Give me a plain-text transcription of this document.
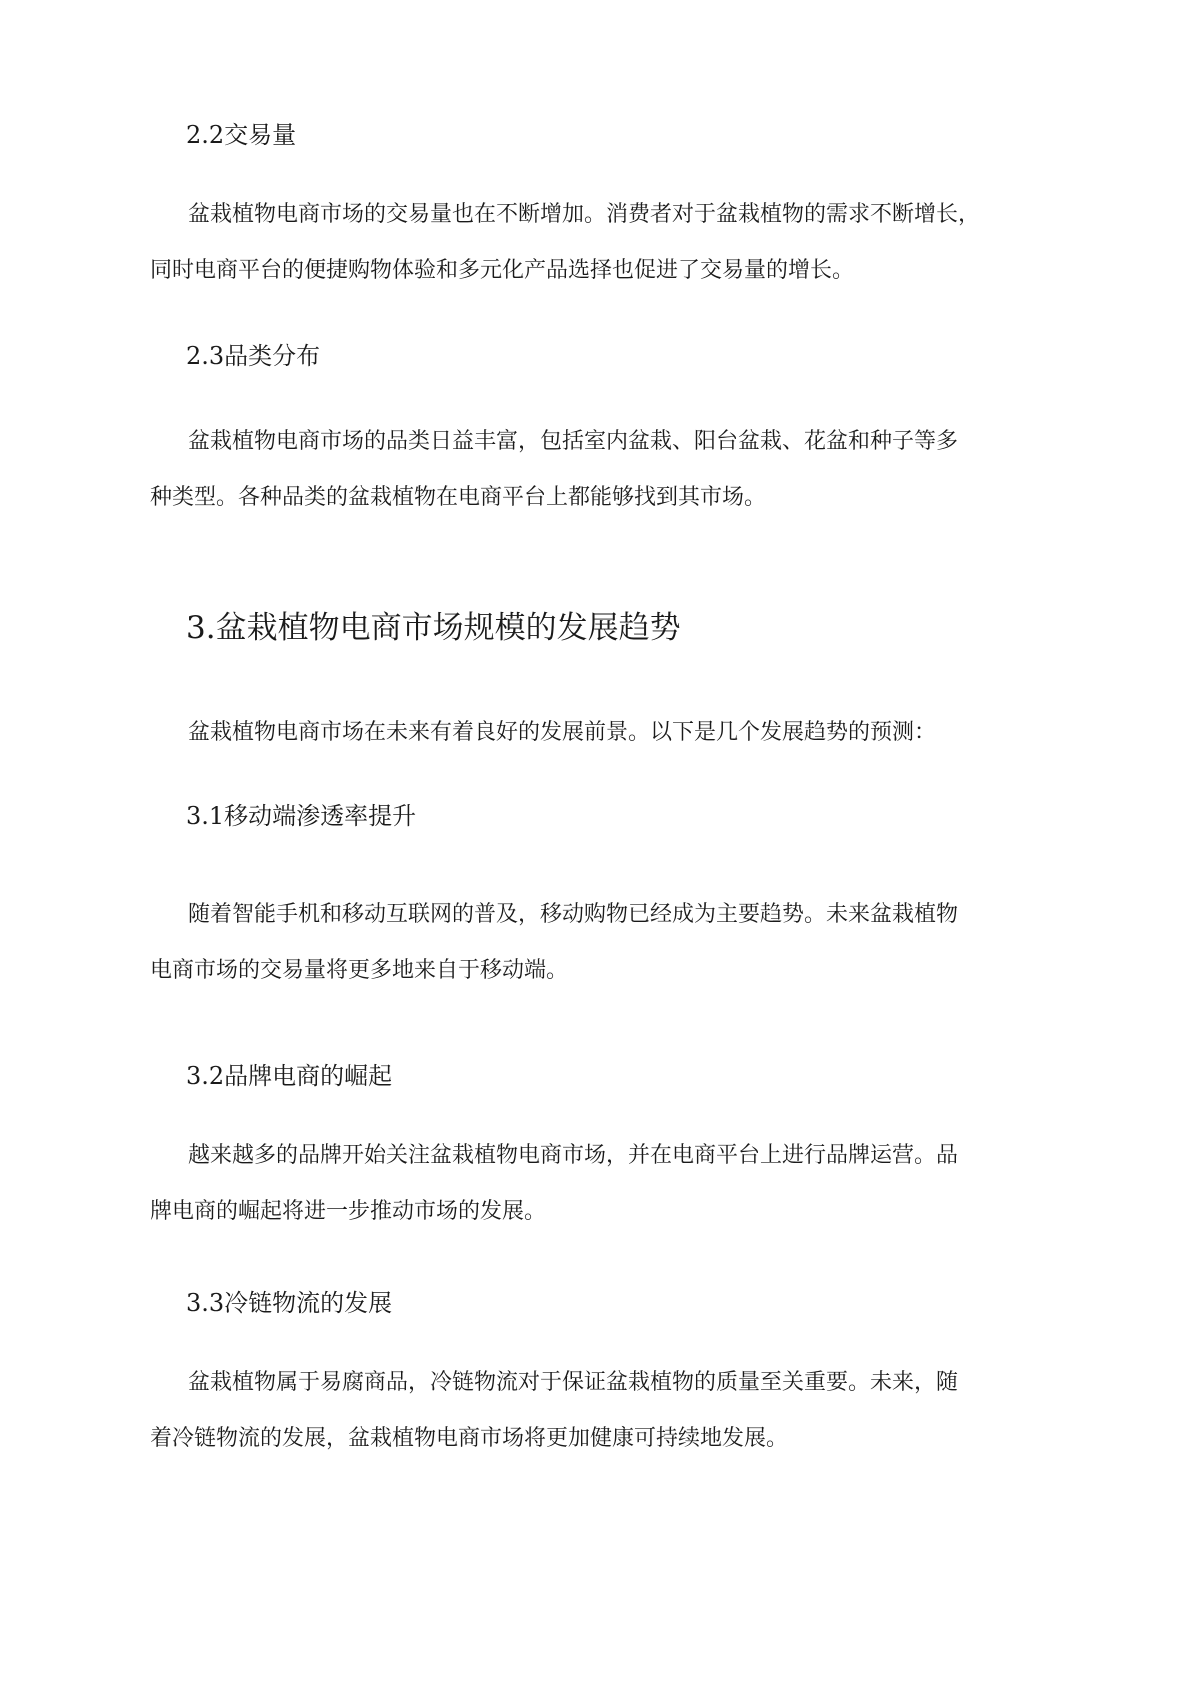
2.2交易量
盆栽植物电商市场的交易量也在不断增加。消费者对于盆栽植物的需求不断增长，
同时电商平台的便捷购物体验和多元化产品选择也促进了交易量的增长。
2.3品类分布
盆栽植物电商市场的品类日益丰富，包括室内盆栽、阳台盆栽、花盆和种子等多
种类型。各种品类的盆栽植物在电商平台上都能够找到其市场。
3.盆栽植物电商市场规模的发展趋势
盆栽植物电商市场在未来有着良好的发展前景。以下是几个发展趋势的预测：
3.1移动端渗透率提升
随着智能手机和移动互联网的普及，移动购物已经成为主要趋势。未来盆栽植物
电商市场的交易量将更多地来自于移动端。
3.2品牌电商的崛起
越来越多的品牌开始关注盆栽植物电商市场，并在电商平台上进行品牌运营。品
牌电商的崛起将进一步推动市场的发展。
3.3冷链物流的发展
盆栽植物属于易腐商品，冷链物流对于保证盆栽植物的质量至关重要。未来，随
着冷链物流的发展，盆栽植物电商市场将更加健康可持续地发展。
